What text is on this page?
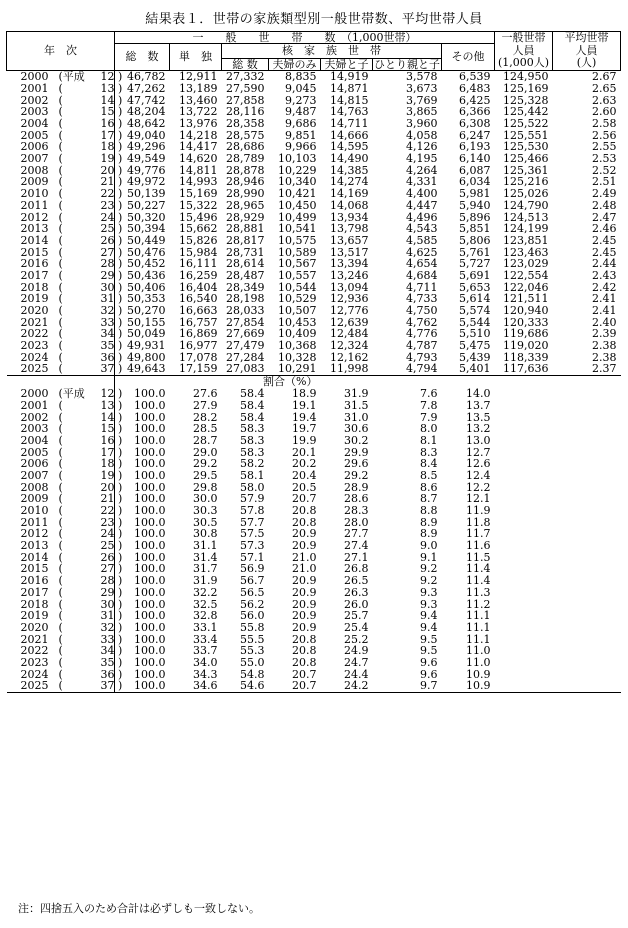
結果表１．世帯の家族類型別一般世帯数、平均世帯人員
年　次	一　　般　　世　　帯　　数　（1,000世帯）							一般世帯
人員
(1,000人)	平均世帯
人員
(人)
	総　数	単　独	核　家　族　世　帯				その他		
			総 数	夫婦のみ	夫婦と子	ひとり親と子			
2000 (平成 12 )	46,782	12,911	27,332	8,835	14,919	3,578	6,539	124,950	2.67
2001 ( 13 )	47,262	13,189	27,590	9,045	14,871	3,673	6,483	125,169	2.65
2002 ( 14 )	47,742	13,460	27,858	9,273	14,815	3,769	6,425	125,328	2.63
2003 ( 15 )	48,204	13,722	28,116	9,487	14,763	3,865	6,366	125,442	2.60
2004 ( 16 )	48,642	13,976	28,358	9,686	14,711	3,960	6,308	125,522	2.58
2005 ( 17 )	49,040	14,218	28,575	9,851	14,666	4,058	6,247	125,551	2.56
2006 ( 18 )	49,296	14,417	28,686	9,966	14,595	4,126	6,193	125,530	2.55
2007 ( 19 )	49,549	14,620	28,789	10,103	14,490	4,195	6,140	125,466	2.53
2008 ( 20 )	49,776	14,811	28,878	10,229	14,385	4,264	6,087	125,361	2.52
2009 ( 21 )	49,972	14,993	28,946	10,340	14,274	4,331	6,034	125,216	2.51
2010 ( 22 )	50,139	15,169	28,990	10,421	14,169	4,400	5,981	125,026	2.49
2011 ( 23 )	50,227	15,322	28,965	10,450	14,068	4,447	5,940	124,790	2.48
2012 ( 24 )	50,320	15,496	28,929	10,499	13,934	4,496	5,896	124,513	2.47
2013 ( 25 )	50,394	15,662	28,881	10,541	13,798	4,543	5,851	124,199	2.46
2014 ( 26 )	50,449	15,826	28,817	10,575	13,657	4,585	5,806	123,851	2.45
2015 ( 27 )	50,476	15,984	28,731	10,589	13,517	4,625	5,761	123,463	2.45
2016 ( 28 )	50,452	16,111	28,614	10,567	13,394	4,654	5,727	123,029	2.44
2017 ( 29 )	50,436	16,259	28,487	10,557	13,246	4,684	5,691	122,554	2.43
2018 ( 30 )	50,406	16,404	28,349	10,544	13,094	4,711	5,653	122,046	2.42
2019 ( 31 )	50,353	16,540	28,198	10,529	12,936	4,733	5,614	121,511	2.41
2020 ( 32 )	50,270	16,663	28,033	10,507	12,776	4,750	5,574	120,940	2.41
2021 ( 33 )	50,155	16,757	27,854	10,453	12,639	4,762	5,544	120,333	2.40
2022 ( 34 )	50,049	16,869	27,669	10,409	12,484	4,776	5,510	119,686	2.39
2023 ( 35 )	49,931	16,977	27,479	10,368	12,324	4,787	5,475	119,020	2.38
2024 ( 36 )	49,800	17,078	27,284	10,328	12,162	4,793	5,439	118,339	2.38
2025 ( 37 )	49,643	17,159	27,083	10,291	11,998	4,794	5,401	117,636	2.37
	割合（%）								
2000 (平成 12 )	100.0	27.6	58.4	18.9	31.9	7.6	14.0		
2001 ( 13 )	100.0	27.9	58.4	19.1	31.5	7.8	13.7		
2002 ( 14 )	100.0	28.2	58.4	19.4	31.0	7.9	13.5		
2003 ( 15 )	100.0	28.5	58.3	19.7	30.6	8.0	13.2		
2004 ( 16 )	100.0	28.7	58.3	19.9	30.2	8.1	13.0		
2005 ( 17 )	100.0	29.0	58.3	20.1	29.9	8.3	12.7		
2006 ( 18 )	100.0	29.2	58.2	20.2	29.6	8.4	12.6		
2007 ( 19 )	100.0	29.5	58.1	20.4	29.2	8.5	12.4		
2008 ( 20 )	100.0	29.8	58.0	20.5	28.9	8.6	12.2		
2009 ( 21 )	100.0	30.0	57.9	20.7	28.6	8.7	12.1		
2010 ( 22 )	100.0	30.3	57.8	20.8	28.3	8.8	11.9		
2011 ( 23 )	100.0	30.5	57.7	20.8	28.0	8.9	11.8		
2012 ( 24 )	100.0	30.8	57.5	20.9	27.7	8.9	11.7		
2013 ( 25 )	100.0	31.1	57.3	20.9	27.4	9.0	11.6		
2014 ( 26 )	100.0	31.4	57.1	21.0	27.1	9.1	11.5		
2015 ( 27 )	100.0	31.7	56.9	21.0	26.8	9.2	11.4		
2016 ( 28 )	100.0	31.9	56.7	20.9	26.5	9.2	11.4		
2017 ( 29 )	100.0	32.2	56.5	20.9	26.3	9.3	11.3		
2018 ( 30 )	100.0	32.5	56.2	20.9	26.0	9.3	11.2		
2019 ( 31 )	100.0	32.8	56.0	20.9	25.7	9.4	11.1		
2020 ( 32 )	100.0	33.1	55.8	20.9	25.4	9.4	11.1		
2021 ( 33 )	100.0	33.4	55.5	20.8	25.2	9.5	11.1		
2022 ( 34 )	100.0	33.7	55.3	20.8	24.9	9.5	11.0		
2023 ( 35 )	100.0	34.0	55.0	20.8	24.7	9.6	11.0		
2024 ( 36 )	100.0	34.3	54.8	20.7	24.4	9.6	10.9		
2025 ( 37 )	100.0	34.6	54.6	20.7	24.2	9.7	10.9		
注：四捨五入のため合計は必ずしも一致しない。
